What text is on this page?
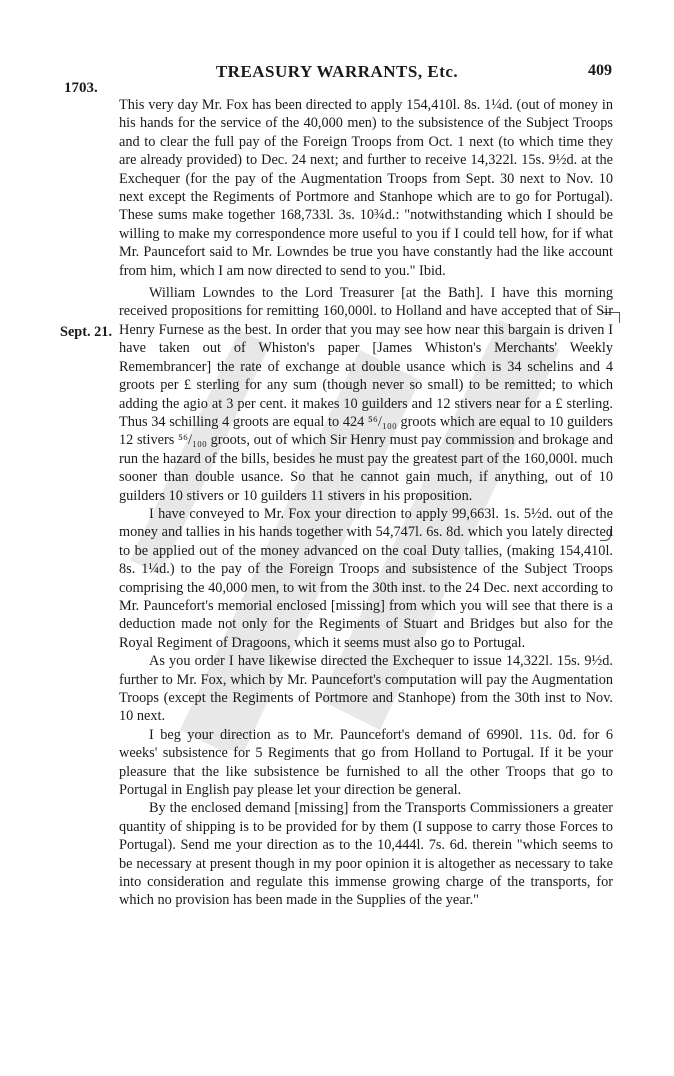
1703.
TREASURY WARRANTS, Etc.	409
Sept. 21.

This very day Mr. Fox has been directed to apply 154,410l. 8s. 1¼d. (out of money in his hands for the service of the 40,000 men) to the subsistence of the Subject Troops and to clear the full pay of the Foreign Troops from Oct. 1 next (to which time they are already provided) to Dec. 24 next; and further to receive 14,322l. 15s. 9½d. at the Exchequer (for the pay of the Augmentation Troops from Sept. 30 next to Nov. 10 next except the Regiments of Portmore and Stanhope which are to go for Portugal). These sums make together 168,733l. 3s. 10¾d.: "notwithstanding which I should be willing to make my correspondence more useful to you if I could tell how, for if what Mr. Pauncefort said to Mr. Lowndes be true you have constantly had the like account from him, which I am now directed to send to you." Ibid.

William Lowndes to the Lord Treasurer [at the Bath]. I have this morning received propositions for remitting 160,000l. to Holland and have accepted that of Sir Henry Furnese as the best. In order that you may see how near this bargain is driven I have taken out of Whiston's paper [James Whiston's Merchants' Weekly Remembrancer] the rate of exchange at double usance which is 34 schelins and 4 groots per £ sterling for any sum (though never so small) to be remitted; to which adding the agio at 3 per cent. it makes 10 guilders and 12 stivers near for a £ sterling. Thus 34 schilling 4 groots are equal to 424 ⁵⁶/₁₀₀ groots which are equal to 10 guilders 12 stivers ⁵⁶/₁₀₀ groots, out of which Sir Henry must pay commission and brokage and run the hazard of the bills, besides he must pay the greatest part of the 160,000l. much sooner than double usance. So that he cannot gain much, if anything, out of 10 guilders 10 stivers or 10 guilders 11 stivers in his proposition.

I have conveyed to Mr. Fox your direction to apply 99,663l. 1s. 5½d. out of the money and tallies in his hands together with 54,747l. 6s. 8d. which you lately directed to be applied out of the money advanced on the coal Duty tallies, (making 154,410l. 8s. 1¼d.) to the pay of the Foreign Troops and subsistence of the Subject Troops comprising the 40,000 men, to wit from the 30th inst. to the 24 Dec. next according to Mr. Pauncefort's memorial enclosed [missing] from which you will see that there is a deduction made not only for the Regiments of Stuart and Bridges but also for the Royal Regiment of Dragoons, which it seems must also go to Portugal.

As you order I have likewise directed the Exchequer to issue 14,322l. 15s. 9½d. further to Mr. Fox, which by Mr. Pauncefort's computation will pay the Augmentation Troops (except the Regiments of Portmore and Stanhope) from the 30th inst to Nov. 10 next.

I beg your direction as to Mr. Pauncefort's demand of 6990l. 11s. 0d. for 6 weeks' subsistence for 5 Regiments that go from Holland to Portugal. If it be your pleasure that the like subsistence be furnished to all the other Troops that go to Portugal in English pay please let your direction be general.

By the enclosed demand [missing] from the Transports Commissioners a greater quantity of shipping is to be provided for by them (I suppose to carry those Forces to Portugal). Send me your direction as to the 10,444l. 7s. 6d. therein "which seems to be necessary at present though in my poor opinion it is altogether as necessary to take into consideration and regulate this immense growing charge of the transports, for which no provision has been made in the Supplies of the year."
